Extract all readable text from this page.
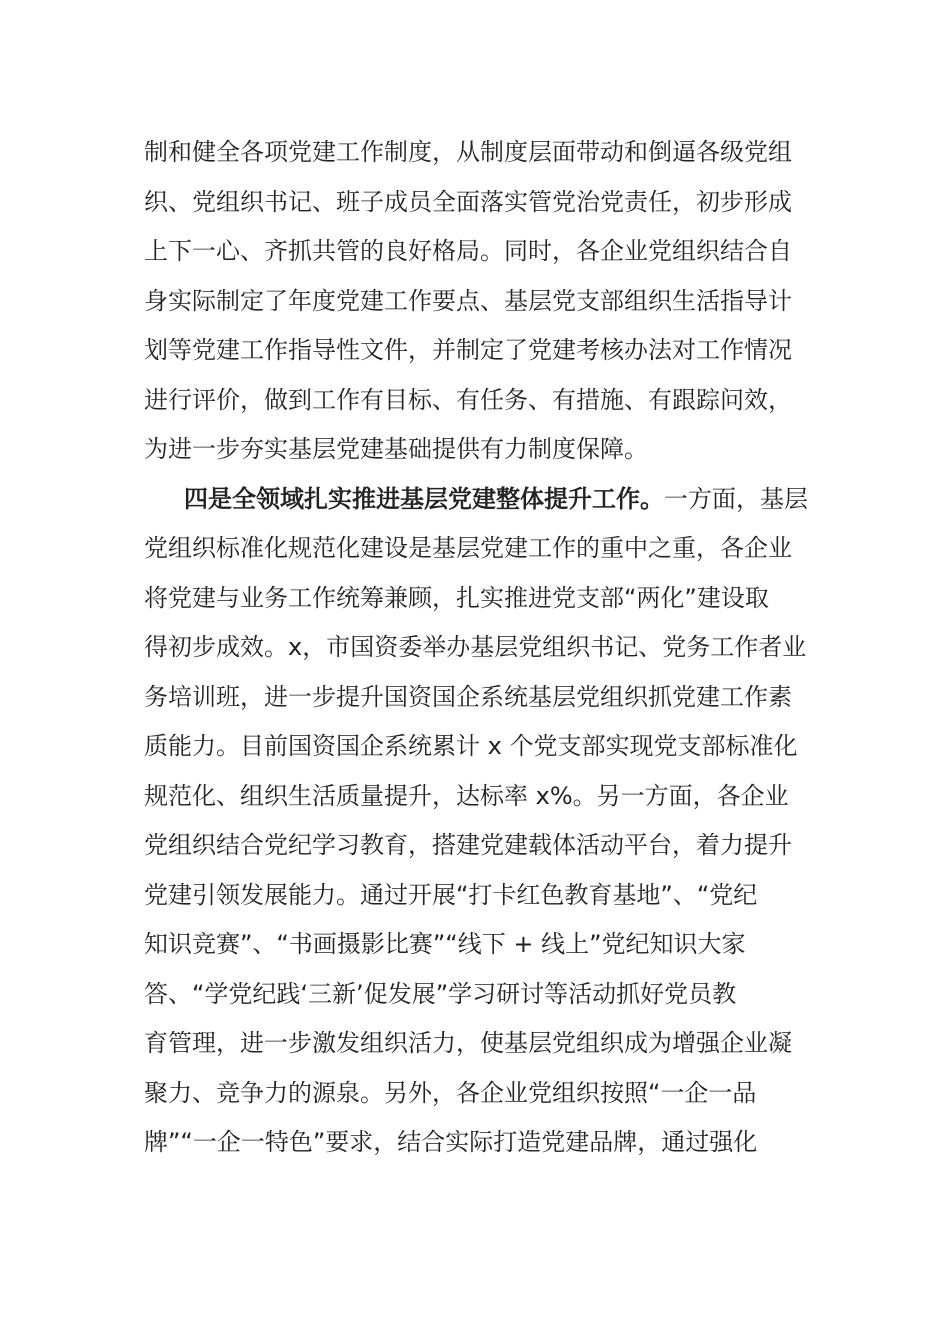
制和健全各项党建工作制度，从制度层面带动和倒逼各级党组
织、党组织书记、班子成员全面落实管党治党责任，初步形成
上下一心、齐抓共管的良好格局。同时，各企业党组织结合自
身实际制定了年度党建工作要点、基层党支部组织生活指导计
划等党建工作指导性文件，并制定了党建考核办法对工作情况
进行评价，做到工作有目标、有任务、有措施、有跟踪问效，
为进一步夯实基层党建基础提供有力制度保障。
四是全领域扎实推进基层党建整体提升工作。一方面，基层
党组织标准化规范化建设是基层党建工作的重中之重，各企业
将党建与业务工作统筹兼顾，扎实推进党支部“两化”建设取
得初步成效。x，市国资委举办基层党组织书记、党务工作者业
务培训班，进一步提升国资国企系统基层党组织抓党建工作素
质能力。目前国资国企系统累计 x 个党支部实现党支部标准化
规范化、组织生活质量提升，达标率 x%。另一方面，各企业
党组织结合党纪学习教育，搭建党建载体活动平台，着力提升
党建引领发展能力。通过开展“打卡红色教育基地”、“党纪
知识竞赛”、“书画摄影比赛”“线下 + 线上”党纪知识大家
答、“学党纪践‘三新’促发展”学习研讨等活动抓好党员教
育管理，进一步激发组织活力，使基层党组织成为增强企业凝
聚力、竞争力的源泉。另外，各企业党组织按照“一企一品
牌”“一企一特色”要求，结合实际打造党建品牌，通过强化
